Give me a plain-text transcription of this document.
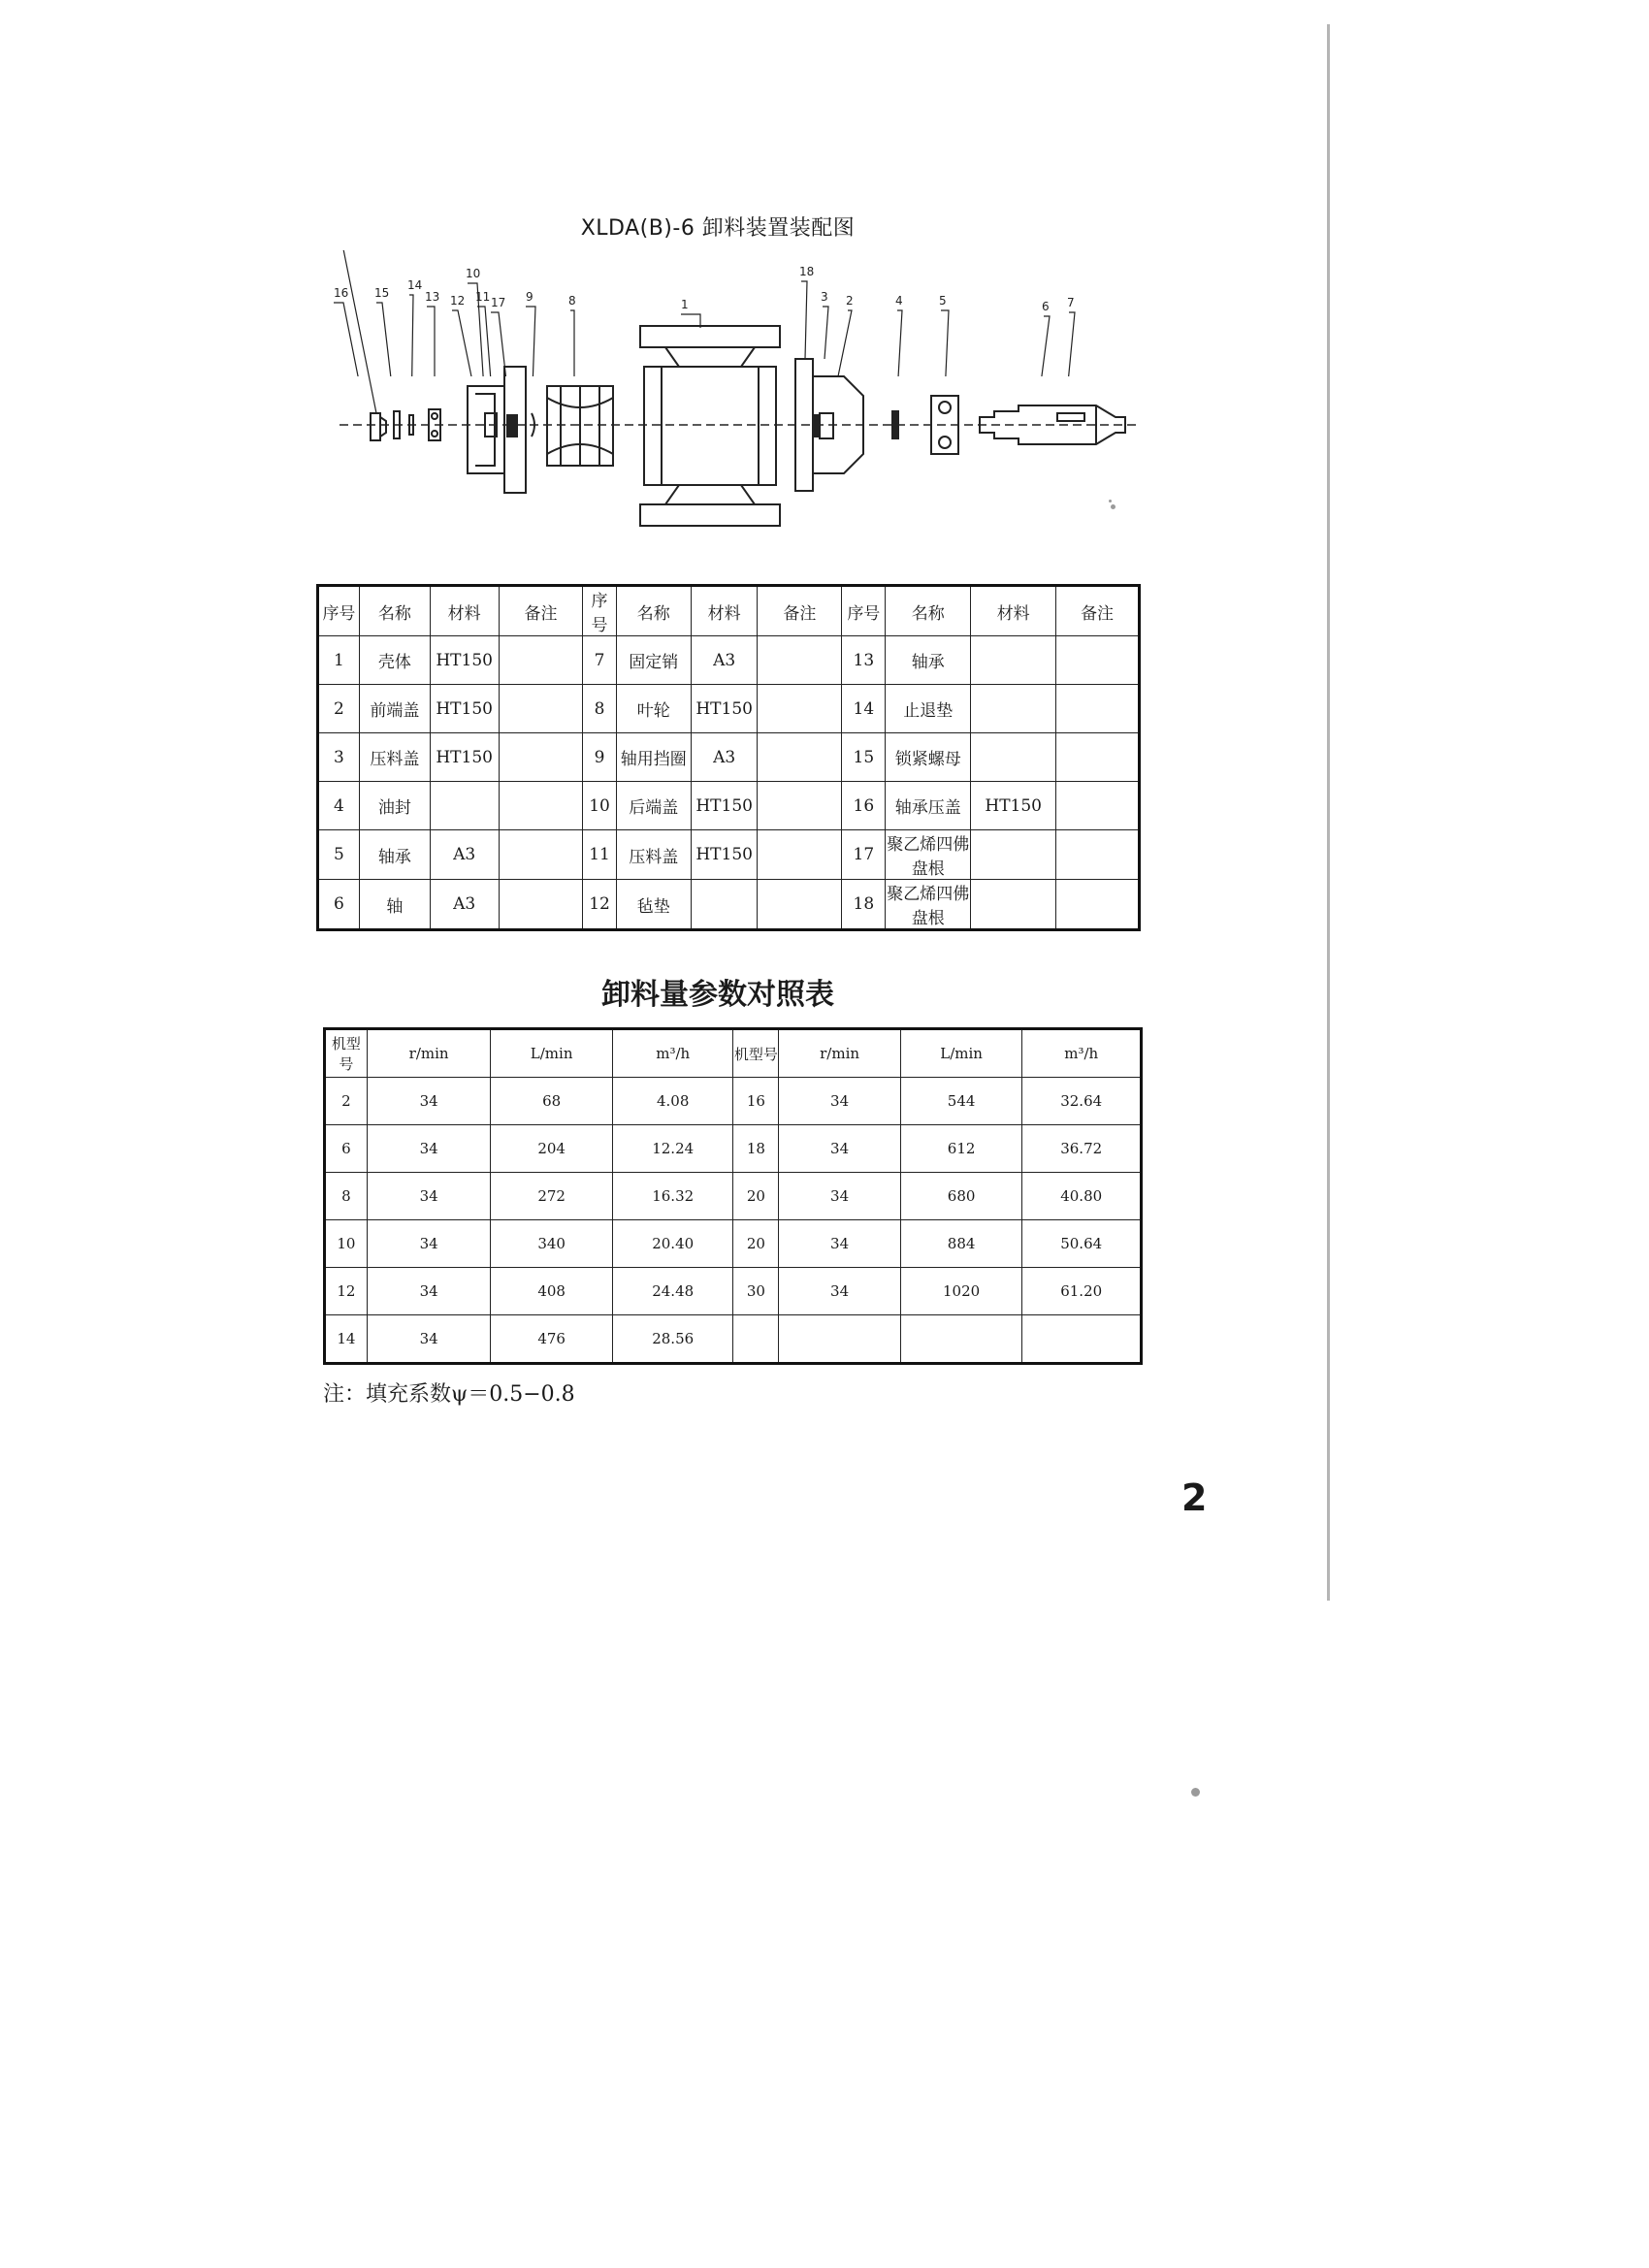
XLDA(B)-6 卸料装置装配图
16 15
14
13 12
10
11 17 9	8	1
18
3 2	4	5	6 7
序号	名称	材料	备注	序号	名称	材料	备注	序号	名称	材料	备注
1	壳体	HT150		7	固定销	A3		13	轴承		
2	前端盖	HT150		8	叶轮	HT150		14	止退垫		
3	压料盖	HT150		9	轴用挡圈	A3		15	锁紧螺母		
4	油封			10	后端盖	HT150		16	轴承压盖	HT150	
5	轴承	A3		11	压料盖	HT150		17	聚乙烯四佛盘根		
6	轴	A3		12	毡垫			18	聚乙烯四佛盘根		
卸料量参数对照表
机型号	r/min	L/min	m³/h	机型号	r/min	L/min	m³/h
2	34	68	4.08	16	34	544	32.64
6	34	204	12.24	18	34	612	36.72
8	34	272	16.32	20	34	680	40.80
10	34	340	20.40	20	34	884	50.64
12	34	408	24.48	30	34	1020	61.20
14	34	476	28.56				
注：填充系数ψ＝0.5−0.8
2
